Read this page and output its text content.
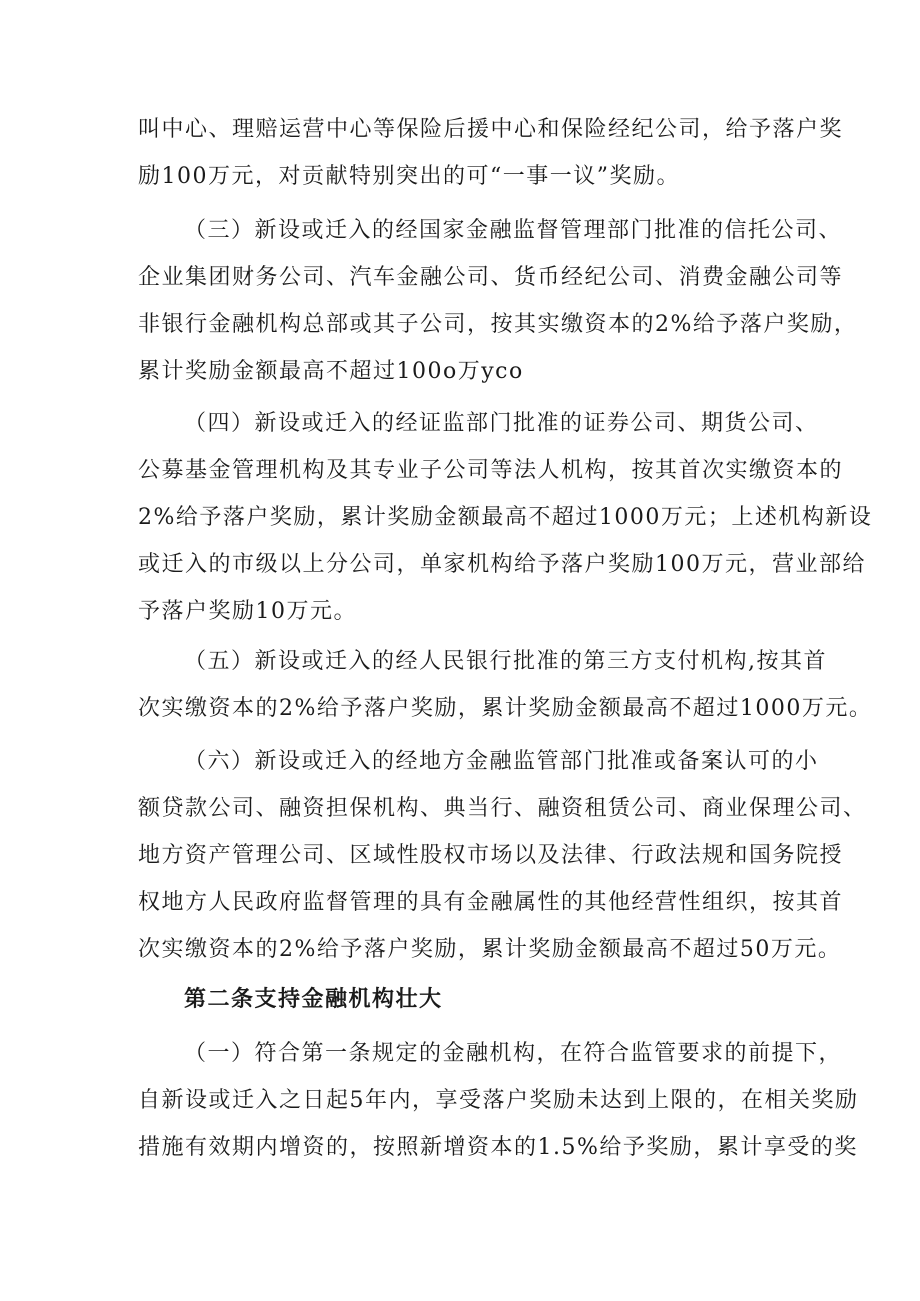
叫中心、理赔运营中心等保险后援中心和保险经纪公司，给予落户奖
励100万元，对贡献特别突出的可“一事一议”奖励。
（三）新设或迁入的经国家金融监督管理部门批准的信托公司、
企业集团财务公司、汽车金融公司、货币经纪公司、消费金融公司等
非银行金融机构总部或其子公司，按其实缴资本的2%给予落户奖励，
累计奖励金额最高不超过100o万yco
（四）新设或迁入的经证监部门批准的证券公司、期货公司、
公募基金管理机构及其专业子公司等法人机构，按其首次实缴资本的
2%给予落户奖励，累计奖励金额最高不超过1000万元；上述机构新设
或迁入的市级以上分公司，单家机构给予落户奖励100万元，营业部给
予落户奖励10万元。
（五）新设或迁入的经人民银行批准的第三方支付机构,按其首
次实缴资本的2%给予落户奖励，累计奖励金额最高不超过1000万元。
（六）新设或迁入的经地方金融监管部门批准或备案认可的小
额贷款公司、融资担保机构、典当行、融资租赁公司、商业保理公司、
地方资产管理公司、区域性股权市场以及法律、行政法规和国务院授
权地方人民政府监督管理的具有金融属性的其他经营性组织，按其首
次实缴资本的2%给予落户奖励，累计奖励金额最高不超过50万元。
第二条支持金融机构壮大
（一）符合第一条规定的金融机构，在符合监管要求的前提下，
自新设或迁入之日起5年内，享受落户奖励未达到上限的，在相关奖励
措施有效期内增资的，按照新增资本的1.5%给予奖励，累计享受的奖
